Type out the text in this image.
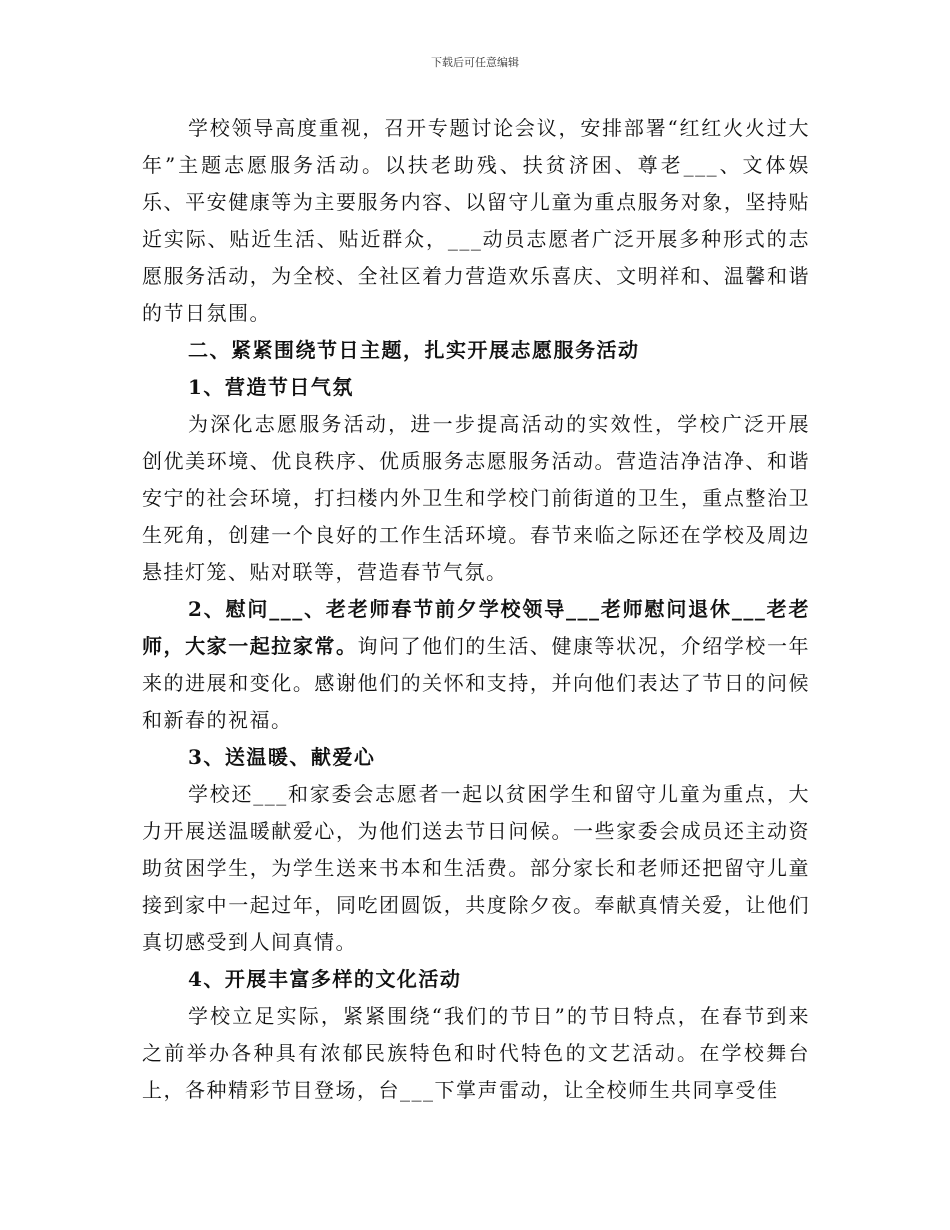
下载后可任意编辑

学校领导高度重视，召开专题讨论会议，安排部署“红红火火过大年”主题志愿服务活动。以扶老助残、扶贫济困、尊老___、文体娱乐、平安健康等为主要服务内容、以留守儿童为重点服务对象，坚持贴近实际、贴近生活、贴近群众，___动员志愿者广泛开展多种形式的志愿服务活动，为全校、全社区着力营造欢乐喜庆、文明祥和、温馨和谐的节日氛围。

二、紧紧围绕节日主题，扎实开展志愿服务活动

1、营造节日气氛

为深化志愿服务活动，进一步提高活动的实效性，学校广泛开展创优美环境、优良秩序、优质服务志愿服务活动。营造洁净洁净、和谐安宁的社会环境，打扫楼内外卫生和学校门前街道的卫生，重点整治卫生死角，创建一个良好的工作生活环境。春节来临之际还在学校及周边悬挂灯笼、贴对联等，营造春节气氛。

2、慰问___、老老师春节前夕学校领导___老师慰问退休___老老师，大家一起拉家常。询问了他们的生活、健康等状况，介绍学校一年来的进展和变化。感谢他们的关怀和支持，并向他们表达了节日的问候和新春的祝福。

3、送温暖、献爱心

学校还___和家委会志愿者一起以贫困学生和留守儿童为重点，大力开展送温暖献爱心，为他们送去节日问候。一些家委会成员还主动资助贫困学生，为学生送来书本和生活费。部分家长和老师还把留守儿童接到家中一起过年，同吃团圆饭，共度除夕夜。奉献真情关爱，让他们真切感受到人间真情。

4、开展丰富多样的文化活动

学校立足实际，紧紧围绕“我们的节日”的节日特点，在春节到来之前举办各种具有浓郁民族特色和时代特色的文艺活动。在学校舞台上，各种精彩节目登场，台___下掌声雷动，让全校师生共同享受佳
